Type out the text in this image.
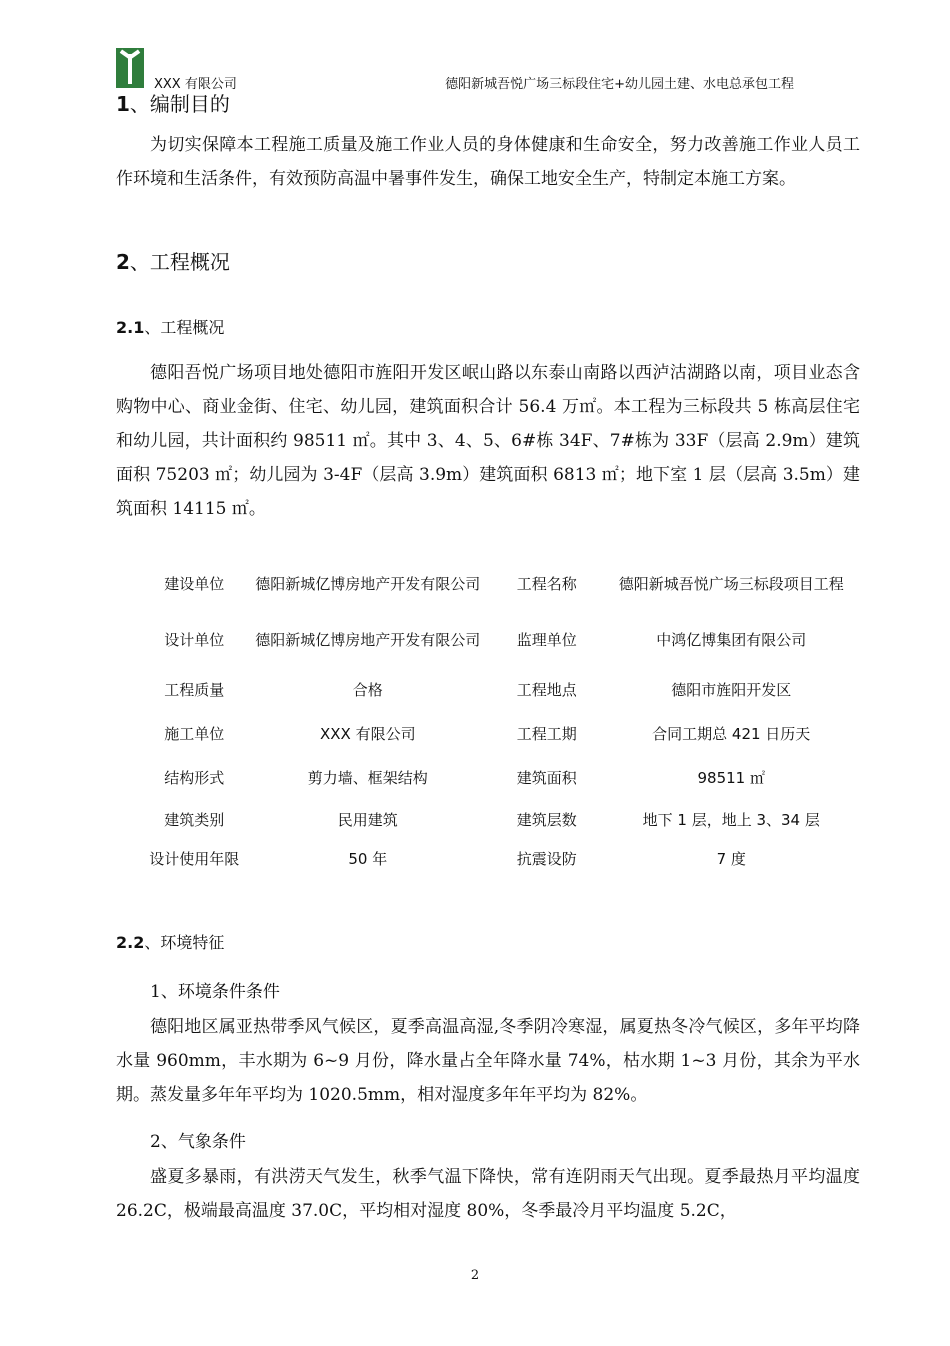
XXX 有限公司	德阳新城吾悦广场三标段住宅+幼儿园土建、水电总承包工程
1、编制目的
为切实保障本工程施工质量及施工作业人员的身体健康和生命安全，努力改善施工作业人员工作环境和生活条件，有效预防高温中暑事件发生，确保工地安全生产，特制定本施工方案。
2、工程概况
2.1、工程概况
德阳吾悦广场项目地处德阳市旌阳开发区岷山路以东泰山南路以西泸沽湖路以南，项目业态含购物中心、商业金街、住宅、幼儿园，建筑面积合计 56.4 万㎡。本工程为三标段共 5 栋高层住宅和幼儿园，共计面积约 98511 ㎡。其中 3、4、5、6#栋 34F、7#栋为 33F（层高 2.9m）建筑面积 75203 ㎡；幼儿园为 3-4F（层高 3.9m）建筑面积 6813 ㎡；地下室 1 层（层高 3.5m）建筑面积 14115 ㎡。
建设单位	德阳新城亿博房地产开发有限公司	工程名称	德阳新城吾悦广场三标段项目工程
设计单位	德阳新城亿博房地产开发有限公司	监理单位	中鸿亿博集团有限公司
工程质量	合格	工程地点	德阳市旌阳开发区
施工单位	XXX 有限公司	工程工期	合同工期总 421 日历天
结构形式	剪力墙、框架结构	建筑面积	98511 ㎡
建筑类别	民用建筑	建筑层数	地下 1 层，地上 3、34 层
设计使用年限	50 年	抗震设防	7 度
2.2、环境特征
1、环境条件条件
德阳地区属亚热带季风气候区，夏季高温高湿,冬季阴冷寒湿，属夏热冬冷气候区，多年平均降水量 960mm，丰水期为 6~9 月份，降水量占全年降水量 74%，枯水期 1~3 月份，其余为平水期。蒸发量多年年平均为 1020.5mm，相对湿度多年年平均为 82%。
2、气象条件
盛夏多暴雨，有洪涝天气发生，秋季气温下降快，常有连阴雨天气出现。夏季最热月平均温度 26.2C，极端最高温度 37.0C，平均相对湿度 80%，冬季最冷月平均温度 5.2C，
2
